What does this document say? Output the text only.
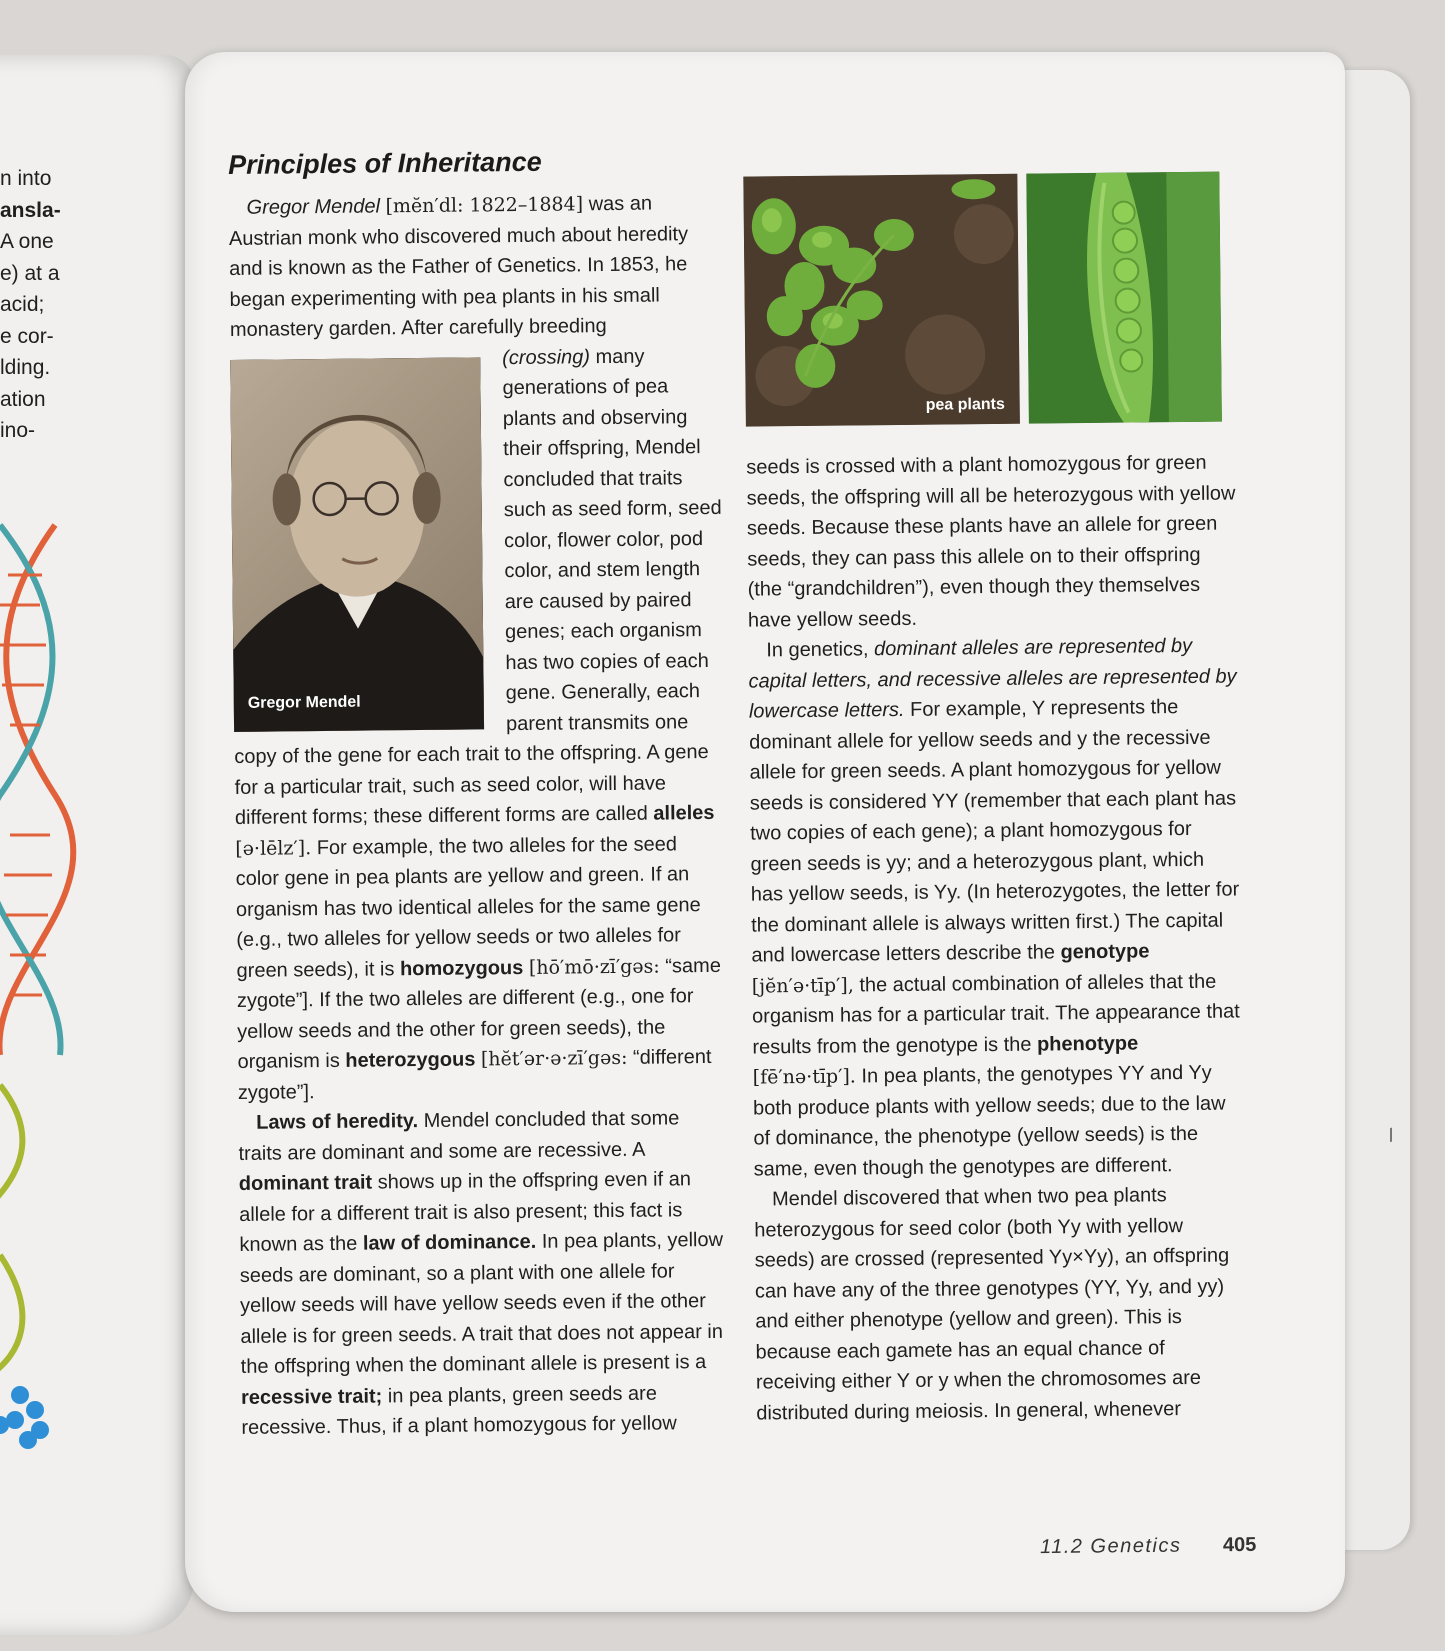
n into
ansla-
A one
e) at a
acid;
e cor-
lding.
ation
ino-
Principles of Inheritance
pea plants

Gregor Mendel [mĕn′dl: 1822–1884] was an Austrian monk who discovered much about heredity and is known as the Father of Genetics. In 1853, he began experimenting with pea plants in his small monastery garden. After carefully breeding

Gregor Mendel

(crossing) many generations of pea plants and observing their offspring, Mendel concluded that traits such as seed form, seed color, flower color, pod color, and stem length are caused by paired genes; each organism has two copies of each gene. Generally, each parent transmits one copy of the gene for each trait to the offspring. A gene for a particular trait, such as seed color, will have different forms; these different forms are called alleles [ə·lēlz′]. For example, the two alleles for the seed color gene in pea plants are yellow and green. If an organism has two identical alleles for the same gene (e.g., two alleles for yellow seeds or two alleles for green seeds), it is homozygous [hō′mō·zī′gəs: “same zygote”]. If the two alleles are different (e.g., one for yellow seeds and the other for green seeds), the organism is heterozygous [hĕt′ər·ə·zī′gəs: “different zygote”].

Laws of heredity. Mendel concluded that some traits are dominant and some are recessive. A dominant trait shows up in the offspring even if an allele for a different trait is also present; this fact is known as the law of dominance. In pea plants, yellow seeds are dominant, so a plant with one allele for yellow seeds will have yellow seeds even if the other allele is for green seeds. A trait that does not appear in the offspring when the dominant allele is present is a recessive trait; in pea plants, green seeds are recessive. Thus, if a plant homozygous for yellow

seeds is crossed with a plant homozygous for green seeds, the offspring will all be heterozygous with yellow seeds. Because these plants have an allele for green seeds, they can pass this allele on to their offspring (the “grandchildren”), even though they themselves have yellow seeds.

In genetics, dominant alleles are represented by capital letters, and recessive alleles are represented by lowercase letters. For example, Y represents the dominant allele for yellow seeds and y the recessive allele for green seeds. A plant homozygous for yellow seeds is considered YY (remember that each plant has two copies of each gene); a plant homozygous for green seeds is yy; and a heterozygous plant, which has yellow seeds, is Yy. (In heterozygotes, the letter for the dominant allele is always written first.) The capital and lowercase letters describe the genotype [jĕn′ə·tīp′], the actual combination of alleles that the organism has for a particular trait. The appearance that results from the genotype is the phenotype [fē′nə·tīp′]. In pea plants, the genotypes YY and Yy both produce plants with yellow seeds; due to the law of dominance, the phenotype (yellow seeds) is the same, even though the genotypes are different.

Mendel discovered that when two pea plants heterozygous for seed color (both Yy with yellow seeds) are crossed (represented Yy×Yy), an offspring can have any of the three genotypes (YY, Yy, and yy) and either phenotype (yellow and green). This is because each gamete has an equal chance of receiving either Y or y when the chromosomes are distributed during meiosis. In general, whenever

11.2 Genetics 405
